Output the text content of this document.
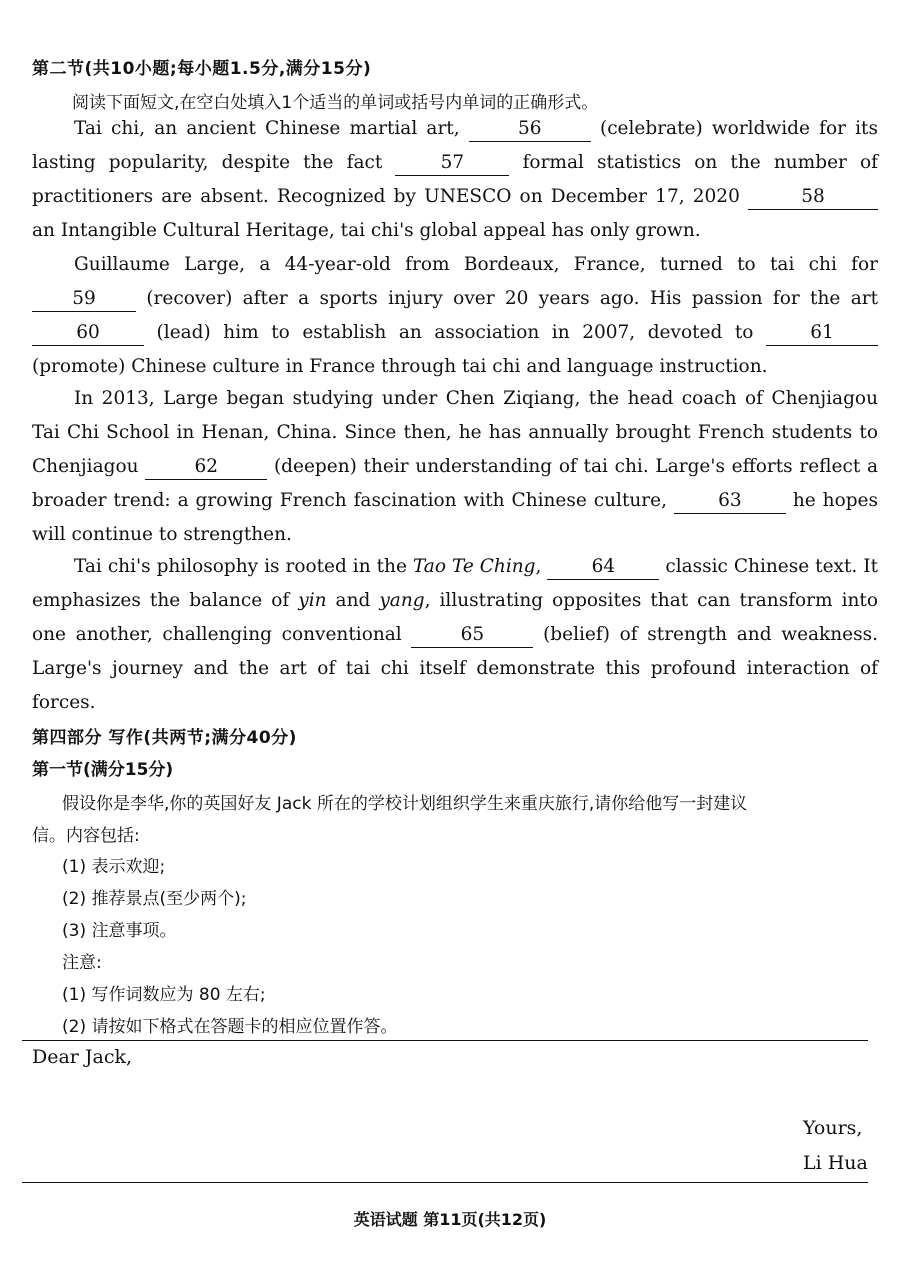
第二节(共10小题;每小题1.5分,满分15分)
阅读下面短文,在空白处填入1个适当的单词或括号内单词的正确形式。
Tai chi, an ancient Chinese martial art,	56	(celebrate) worldwide for its lasting popularity, despite the fact 57 formal statistics on the number of practitioners are absent. Recognized by UNESCO on December 17, 2020	58 an Intangible Cultural Heritage, tai chi's global appeal has only grown.
Guillaume Large, a 44-year-old from Bordeaux, France, turned to tai chi for 59 (recover) after a sports injury over 20 years ago. His passion for the art 60 (lead) him to establish an association in 2007, devoted to 61 (promote) Chinese culture in France through tai chi and language instruction.
In 2013, Large began studying under Chen Ziqiang, the head coach of Chenjiagou Tai Chi School in Henan, China. Since then, he has annually brought French students to Chenjiagou	62	(deepen) their understanding of tai chi. Large's efforts reflect a broader trend: a growing French fascination with Chinese culture, 63 he hopes will continue to strengthen.
Tai chi's philosophy is rooted in the Tao Te Ching, 64 classic Chinese text. It emphasizes the balance of yin and yang, illustrating opposites that can transform into one another, challenging conventional	65	(belief) of strength and weakness. Large's journey and the art of tai chi itself demonstrate this profound interaction of forces.
第四部分 写作(共两节;满分40分)
第一节(满分15分)
假设你是李华,你的英国好友 Jack 所在的学校计划组织学生来重庆旅行,请你给他写一封建议
信。内容包括:
(1) 表示欢迎;
(2) 推荐景点(至少两个);
(3) 注意事项。
注意:
(1) 写作词数应为 80 左右;
(2) 请按如下格式在答题卡的相应位置作答。
Dear Jack,
Yours,
Li Hua
英语试题 第11页(共12页)
